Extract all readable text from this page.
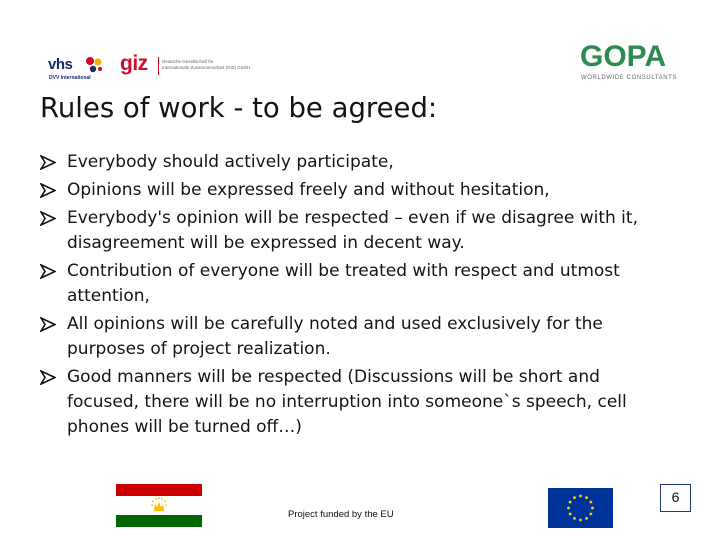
vhs
DVV International
giz	Deutsche Gesellschaft für
Internationale Zusammenarbeit (GIZ) GmbH	GOPA
WORLDWIDE CONSULTANTS
Rules of work - to be agreed:
Everybody should actively participate,
Opinions will be expressed freely and without hesitation,
Everybody's opinion will be respected – even if we disagree with it, disagreement will be expressed in decent way.
Contribution of everyone will be treated with respect and utmost attention,
All opinions will be carefully noted and used exclusively for the purposes of project realization.
Good manners will be respected (Discussions will be short and focused, there will be no interruption into someone`s speech, cell phones will be turned off…)
Project funded by the EU
6
